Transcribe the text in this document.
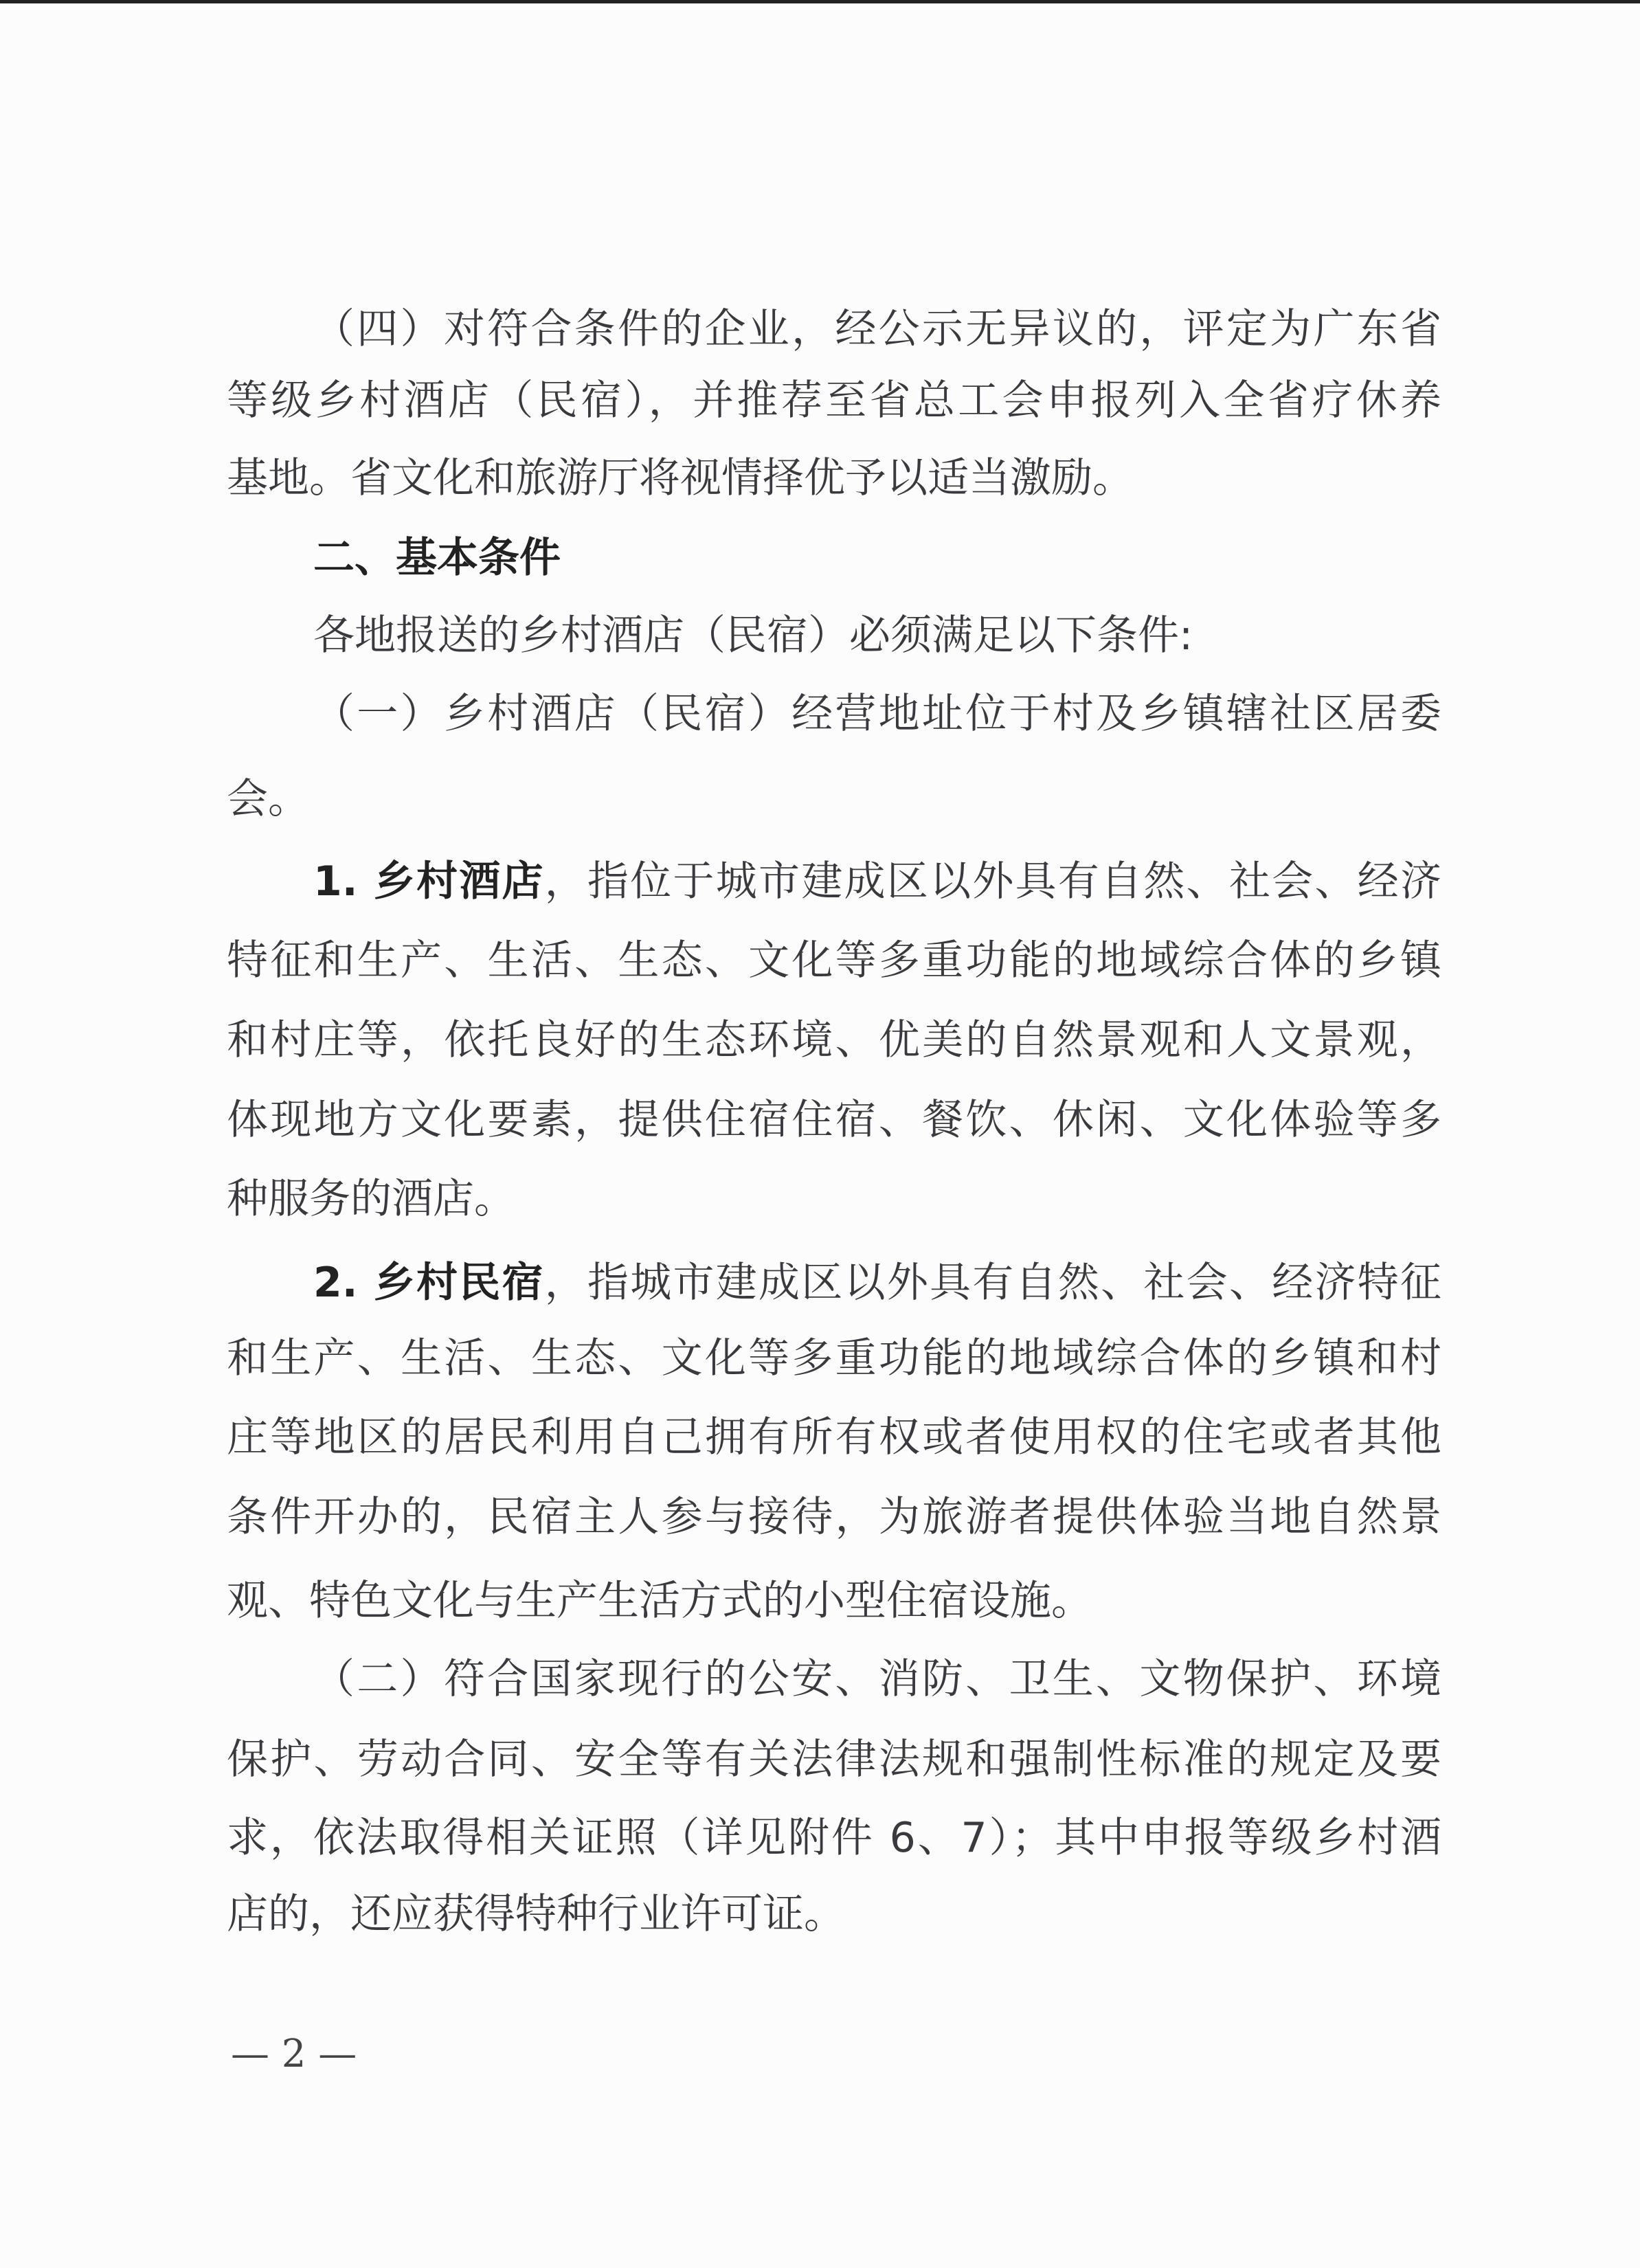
（四）对符合条件的企业，经公示无异议的，评定为广东省
等级乡村酒店（民宿），并推荐至省总工会申报列入全省疗休养
基地。省文化和旅游厅将视情择优予以适当激励。
二、基本条件
各地报送的乡村酒店（民宿）必须满足以下条件:
（一）乡村酒店（民宿）经营地址位于村及乡镇辖社区居委
会。
1. 乡村酒店，指位于城市建成区以外具有自然、社会、经济
特征和生产、生活、生态、文化等多重功能的地域综合体的乡镇
和村庄等，依托良好的生态环境、优美的自然景观和人文景观，
体现地方文化要素，提供住宿住宿、餐饮、休闲、文化体验等多
种服务的酒店。
2. 乡村民宿，指城市建成区以外具有自然、社会、经济特征
和生产、生活、生态、文化等多重功能的地域综合体的乡镇和村
庄等地区的居民利用自己拥有所有权或者使用权的住宅或者其他
条件开办的，民宿主人参与接待，为旅游者提供体验当地自然景
观、特色文化与生产生活方式的小型住宿设施。
（二）符合国家现行的公安、消防、卫生、文物保护、环境
保护、劳动合同、安全等有关法律法规和强制性标准的规定及要
求，依法取得相关证照（详见附件 6、7）；其中申报等级乡村酒
店的，还应获得特种行业许可证。
— 2 —
